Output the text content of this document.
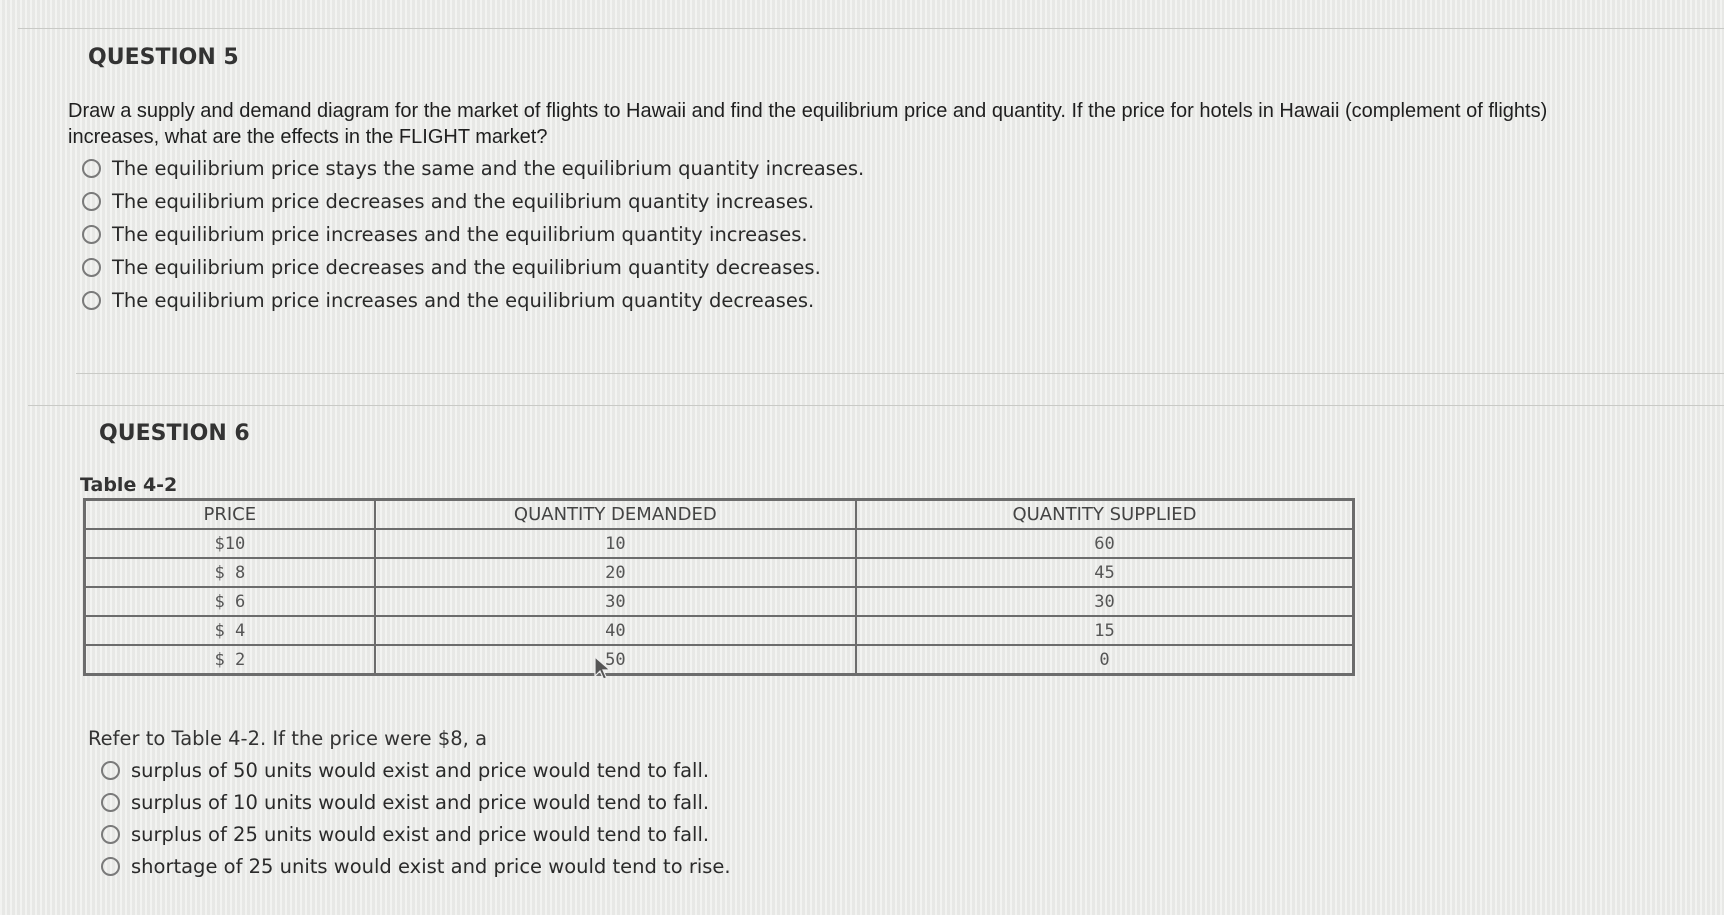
QUESTION 5

Draw a supply and demand diagram for the market of flights to Hawaii and find the equilibrium price and quantity. If the price for hotels in Hawaii (complement of flights)
increases, what are the effects in the FLIGHT market?

The equilibrium price stays the same and the equilibrium quantity increases.
The equilibrium price decreases and the equilibrium quantity increases.
The equilibrium price increases and the equilibrium quantity increases.
The equilibrium price decreases and the equilibrium quantity decreases.
The equilibrium price increases and the equilibrium quantity decreases.
QUESTION 6
Table 4-2
PRICE	QUANTITY DEMANDED	QUANTITY SUPPLIED
$10	10	60
$ 8	20	45
$ 6	30	30
$ 4	40	15
$ 2	50	0

Refer to Table 4-2. If the price were $8, a

surplus of 50 units would exist and price would tend to fall.
surplus of 10 units would exist and price would tend to fall.
surplus of 25 units would exist and price would tend to fall.
shortage of 25 units would exist and price would tend to rise.
